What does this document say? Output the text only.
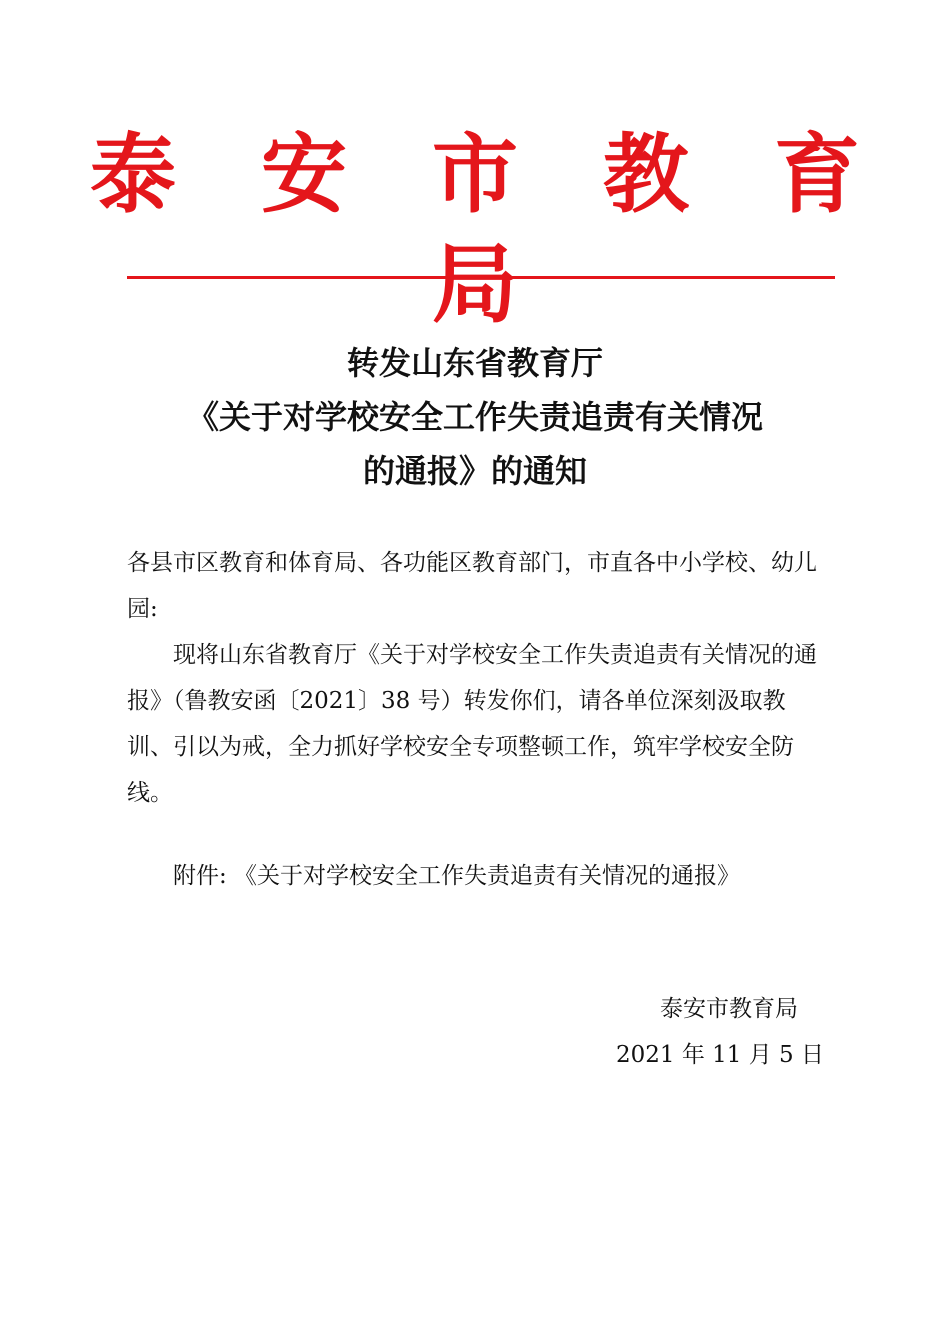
泰 安 市 教 育 局
转发山东省教育厅
《关于对学校安全工作失责追责有关情况
的通报》的通知
各县市区教育和体育局、各功能区教育部门，市直各中小学校、幼儿园:
现将山东省教育厅《关于对学校安全工作失责追责有关情况的通报》（鲁教安函〔2021〕38 号）转发你们，请各单位深刻汲取教训、引以为戒，全力抓好学校安全专项整顿工作，筑牢学校安全防线。
附件: 《关于对学校安全工作失责追责有关情况的通报》
泰安市教育局
2021 年 11 月 5 日
